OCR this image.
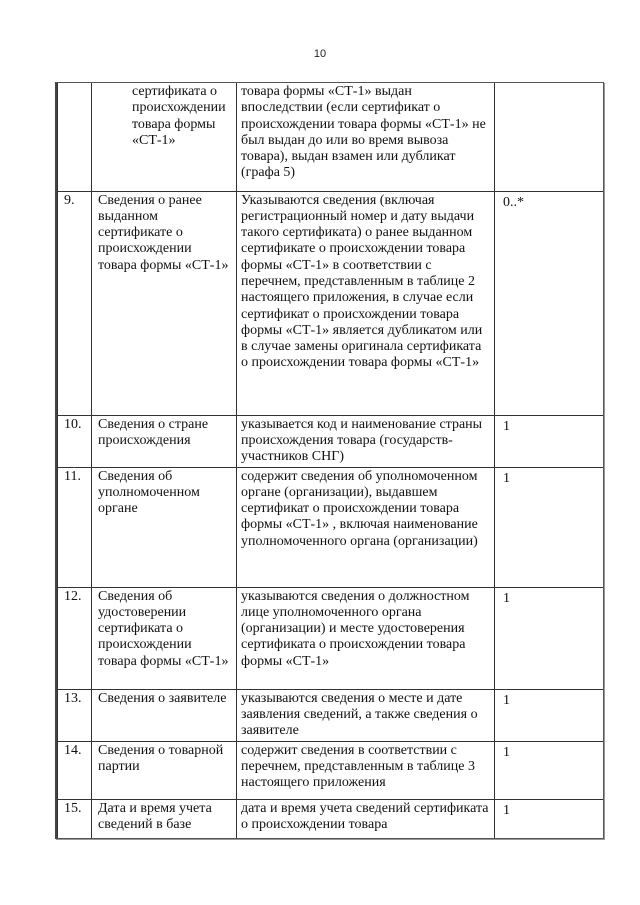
10
	сертификата о происхождении товара формы «СТ-1»	товара формы «СТ-1» выдан впоследствии (если сертификат о происхождении товара формы «СТ-1» не был выдан до или во время вывоза товара), выдан взамен или дубликат (графа 5)	
9.	Сведения о ранее выданном сертификате о происхождении товара формы «СТ-1»	Указываются сведения (включая регистрационный номер и дату выдачи такого сертификата) о ранее выданном сертификате о происхождении товара формы «СТ-1» в соответствии с перечнем, представленным в таблице 2 настоящего приложения, в случае если сертификат о происхождении товара формы «СТ-1» является дубликатом или в случае замены оригинала сертификата о происхождении товара формы «СТ-1»	0..*
10.	Сведения о стране происхождения	указывается код и наименование страны происхождения товара (государств-участников СНГ)	1
11.	Сведения об уполномоченном органе	содержит сведения об уполномоченном органе (организации), выдавшем сертификат о происхождении товара формы «СТ-1» , включая наименование уполномоченного органа (организации)	1
12.	Сведения об удостоверении сертификата о происхождении товара формы «СТ-1»	указываются сведения о должностном лице уполномоченного органа (организации) и месте удостоверения сертификата о происхождении товара формы «СТ-1»	1
13.	Сведения о заявителе	указываются сведения о месте и дате заявления сведений, а также сведения о заявителе	1
14.	Сведения о товарной партии	содержит сведения в соответствии с перечнем, представленным в таблице 3 настоящего приложения	1
15.	Дата и время учета сведений в базе	дата и время учета сведений сертификата о происхождении товара	1
